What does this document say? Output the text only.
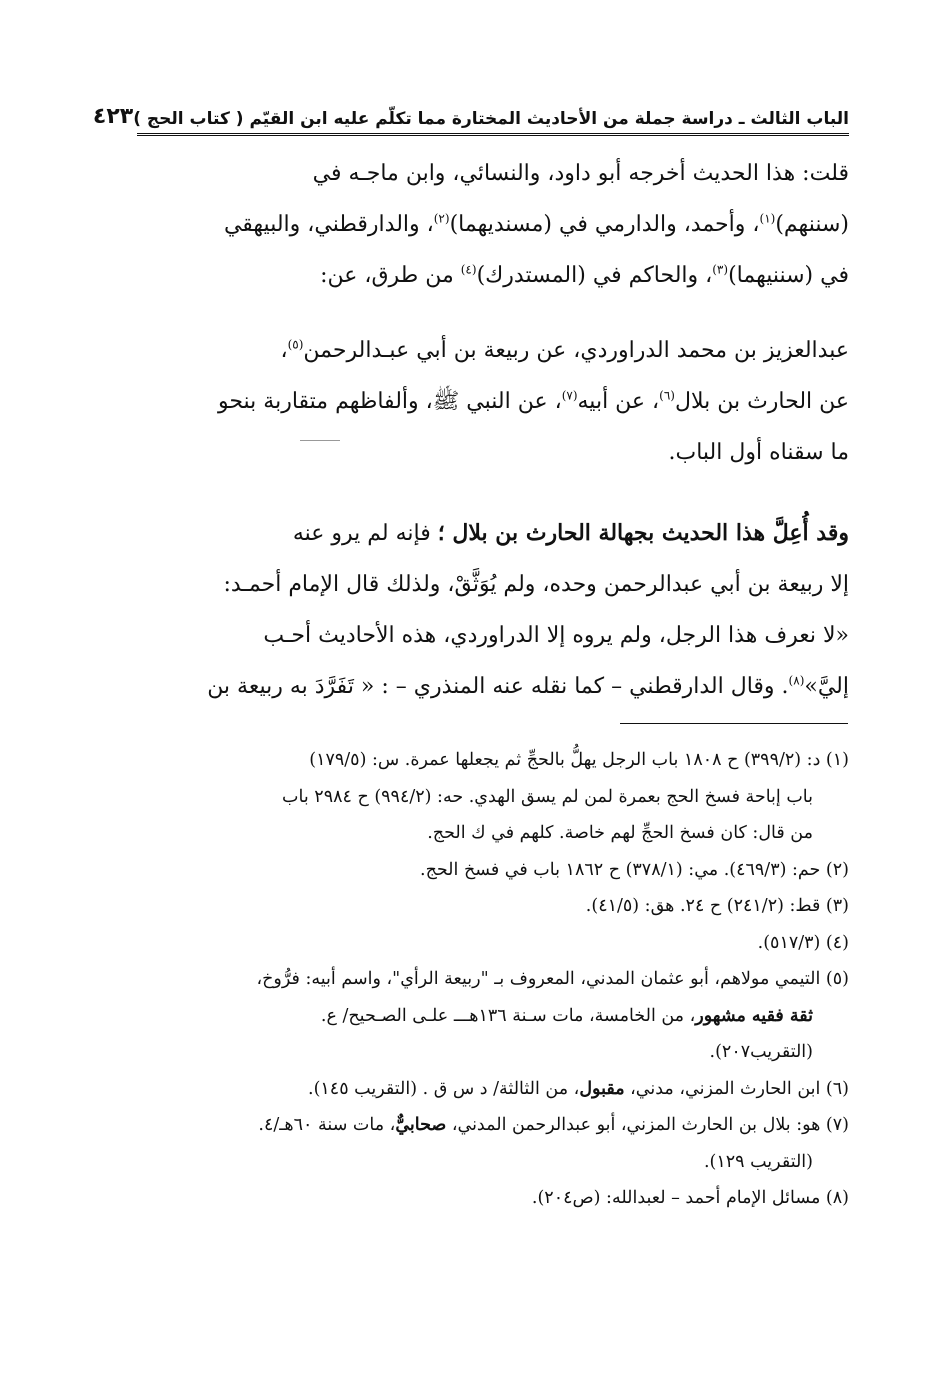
الباب الثالث ـ دراسة جملة من الأحاديث المختارة مما تكلّم عليه ابن القيّم ( كتاب الحج )
٤٢٣

قلت: هذا الحديث أخرجه أبو داود، والنسائي، وابن ماجـه في
(سننهم)$^{(١)}$، وأحمد، والدارمي في (مسنديهما)$^{(٢)}$، والدارقطني، والبيهقي
في (سننيهما)$^{(٣)}$، والحاكم في (المستدرك)$^{(٤)}$ من طرق، عن:

عبدالعزيز بن محمد الدراوردي، عن ربيعة بن أبي عبـدالرحمن$^{(٥)}$،
عن الحارث بن بلال$^{(٦)}$، عن أبيه$^{(٧)}$، عن النبي ﷺ، وألفاظهم متقاربة بنحو
ما سقناه أول الباب.

وقد أُعِلَّ هذا الحديث بجهالة الحارث بن بلال ؛ فإنه لم يرو عنه
إلا ربيعة بن أبي عبدالرحمن وحده، ولم يُوَثَّقْ، ولذلك قال الإمام أحمـد:
«لا نعرف هذا الرجل، ولم يروه إلا الدراوردي، هذه الأحاديث أحـب
إليَّ»$^{(٨)}$. وقال الدارقطني – كما نقله عنه المنذري – : « تَفَرَّدَ به ربيعة بن

(١) د: (٣٩٩/٢) ح ١٨٠٨ باب الرجل يهلُّ بالحجِّ ثم يجعلها عمرة. س: (١٧٩/٥)
باب إباحة فسخ الحج بعمرة لمن لم يسق الهدي. حه: (٩٩٤/٢) ح ٢٩٨٤ باب
من قال: كان فسخ الحجِّ لهم خاصة. كلهم في ك الحج.

(٢) حم: (٤٦٩/٣). مي: (٣٧٨/١) ح ١٨٦٢ باب في فسخ الحج.

(٣) قط: (٢٤١/٢) ح ٢٤. هق: (٤١/٥).

(٤) (٥١٧/٣).

(٥) التيمي مولاهم، أبو عثمان المدني، المعروف بـ "ربيعة الرأي"، واسم أبيه: فرُّوخ،
ثقة فقيه مشهور، من الخامسة، مات سـنة ١٣٦هـــ علـى الصـحيح/ ع.
(التقريب٢٠٧).

(٦) ابن الحارث المزني، مدني، مقبول، من الثالثة/ د س ق . (التقريب ١٤٥).

(٧) هو: بلال بن الحارث المزني، أبو عبدالرحمن المدني، صحابيٌّ، مات سنة ٦٠هـ/٤.
(التقريب ١٢٩).

(٨) مسائل الإمام أحمد – لعبدالله: (ص٢٠٤).
